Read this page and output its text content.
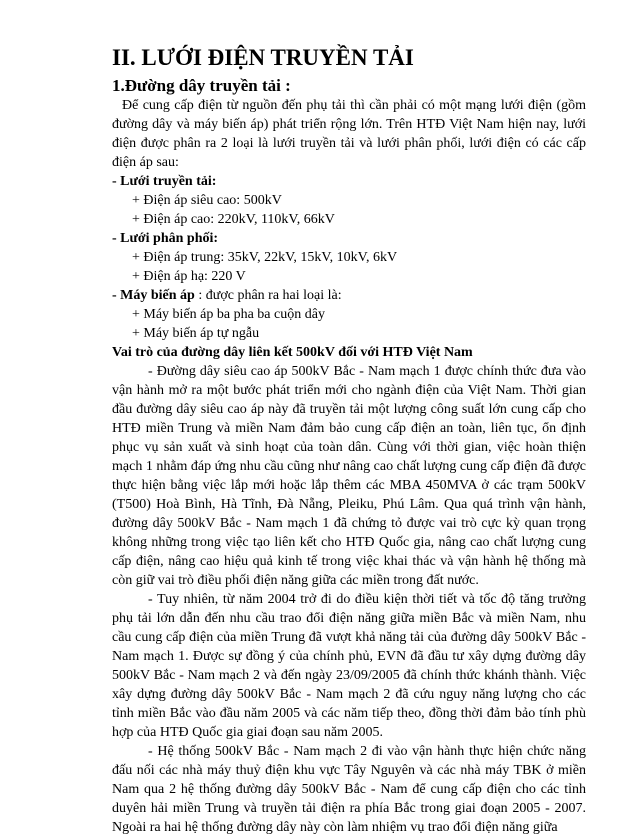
II. LƯỚI ĐIỆN TRUYỀN TẢI
1.Đường dây truyền tải :

Để cung cấp điện từ nguồn đến phụ tải thì cần phải có một mạng lưới điện (gồm đường dây và máy biến áp) phát triển rộng lớn. Trên HTĐ Việt Nam hiện nay, lưới điện được phân ra 2 loại là lưới truyền tải và lưới phân phối, lưới điện có các cấp điện áp sau:

- Lưới truyền tải:
+ Điện áp siêu cao: 500kV
+ Điện áp cao: 220kV, 110kV, 66kV
- Lưới phân phối:
+ Điện áp trung: 35kV, 22kV, 15kV, 10kV, 6kV
+ Điện áp hạ: 220 V
- Máy biến áp : được phân ra hai loại là:
+ Máy biến áp ba pha ba cuộn dây
+ Máy biến áp tự ngẫu
Vai trò của đường dây liên kết 500kV đối với HTĐ Việt Nam

- Đường dây siêu cao áp 500kV Bắc - Nam mạch 1 được chính thức đưa vào vận hành mở ra một bước phát triển mới cho ngành điện của Việt Nam. Thời gian đầu đường dây siêu cao áp này đã truyền tải một lượng công suất lớn cung cấp cho HTĐ miền Trung và miền Nam đảm bảo cung cấp điện an toàn, liên tục, ổn định phục vụ sản xuất và sinh hoạt của toàn dân. Cùng với thời gian, việc hoàn thiện mạch 1 nhằm đáp ứng nhu cầu cũng như nâng cao chất lượng cung cấp điện đã được thực hiện bằng việc lắp mới hoặc lắp thêm các MBA 450MVA ở các trạm 500kV (T500) Hoà Bình, Hà Tĩnh, Đà Nẵng, Pleiku, Phú Lâm. Qua quá trình vận hành, đường dây 500kV Bắc - Nam mạch 1 đã chứng tỏ được vai trò cực kỳ quan trọng không những trong việc tạo liên kết cho HTĐ Quốc gia, nâng cao chất lượng cung cấp điện, nâng cao hiệu quả kinh tế trong việc khai thác và vận hành hệ thống mà còn giữ vai trò điều phối điện năng giữa các miền trong đất nước.

- Tuy nhiên, từ năm 2004 trở đi do điều kiện thời tiết và tốc độ tăng trưởng phụ tải lớn dẫn đến nhu cầu trao đổi điện năng giữa miền Bắc và miền Nam, nhu cầu cung cấp điện của miền Trung đã vượt khả năng tải của đường dây 500kV Bắc - Nam mạch 1. Được sự đồng ý của chính phủ, EVN đã đầu tư xây dựng đường dây 500kV Bắc - Nam mạch 2 và đến ngày 23/09/2005 đã chính thức khánh thành. Việc xây dựng đường dây 500kV Bắc - Nam mạch 2 đã cứu nguy năng lượng cho các tỉnh miền Bắc vào đầu năm 2005 và các năm tiếp theo, đồng thời đảm bảo tính phù hợp của HTĐ Quốc gia giai đoạn sau năm 2005.

- Hệ thống 500kV Bắc - Nam mạch 2 đi vào vận hành thực hiện chức năng đấu nối các nhà máy thuỷ điện khu vực Tây Nguyên và các nhà máy TBK ở miền Nam qua 2 hệ thống đường dây 500kV Bắc - Nam để cung cấp điện cho các tỉnh duyên hải miền Trung và truyền tải điện ra phía Bắc trong giai đoạn 2005 - 2007. Ngoài ra hai hệ thống đường dây này còn làm nhiệm vụ trao đổi điện năng giữa
